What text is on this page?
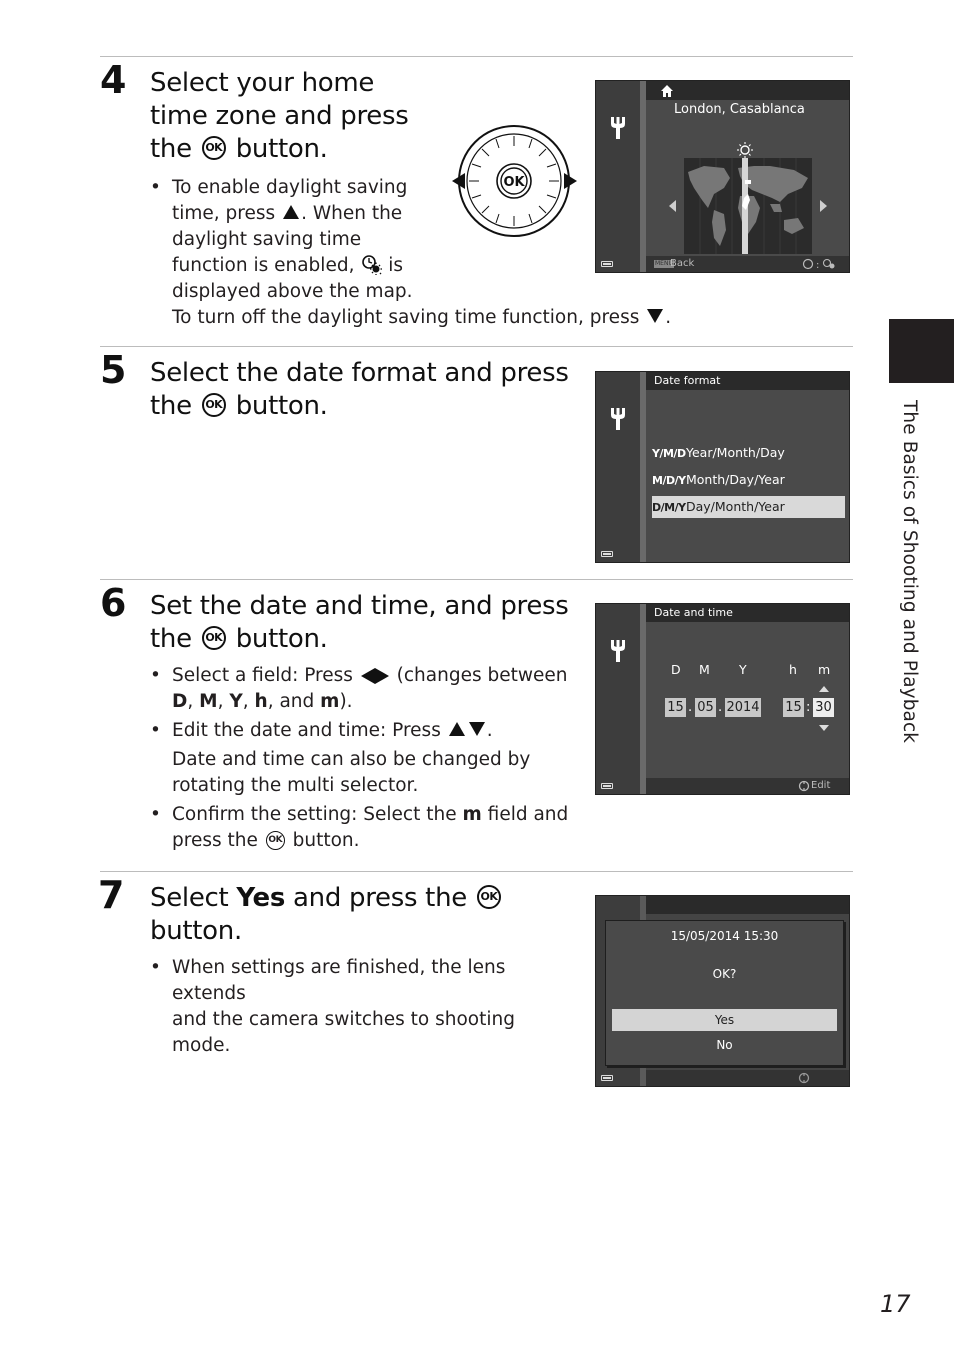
4 Select your home
time zone and press
the OK button.
OK
• To enable daylight saving
time, press . When the
daylight saving time
function is enabled, is
displayed above the map.
To turn off the daylight saving time function, press .
London, Casablanca
MENU
Back	:
5 Select the date format and press
the OK button.
Date format
Y/M/DYear/Month/Day
M/D/YMonth/Day/Year
D/M/YDay/Month/Year
6 Set the date and time, and press
the OK button.
• Select a field: Press (changes between
D, M, Y, h, and m).
• Edit the date and time: Press .
Date and time can also be changed by
rotating the multi selector.
• Confirm the setting: Select the m field and
press the OK button.
Date and time
D M Y	h m
15 . 05 . 2014 15 : 30
Edit
7 Select Yes and press the OK
button.
• When settings are finished, the lens extends
and the camera switches to shooting
mode.
15/05/2014 15:30
OK?
Yes
No
The Basics of Shooting and Playback
17
